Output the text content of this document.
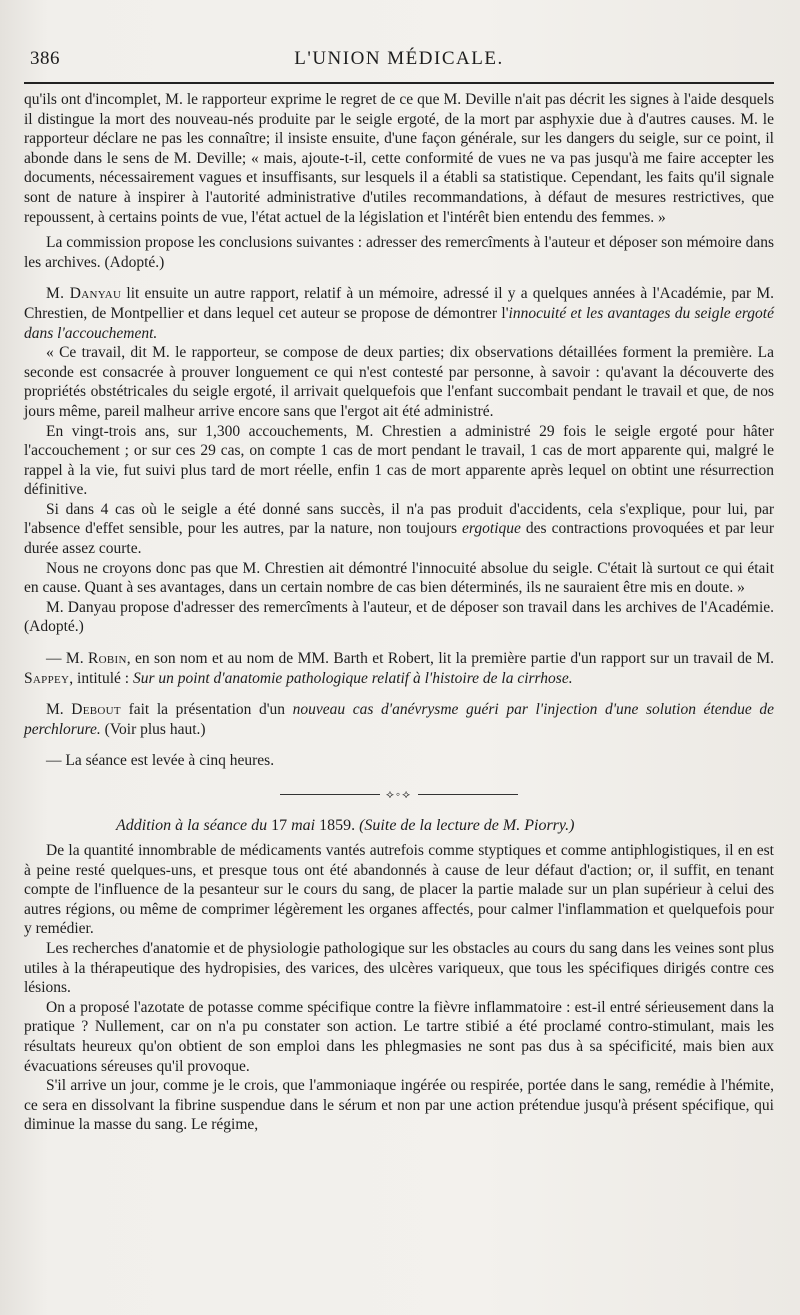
386	L'UNION MÉDICALE.

qu'ils ont d'incomplet, M. le rapporteur exprime le regret de ce que M. Deville n'ait pas décrit les signes à l'aide desquels il distingue la mort des nouveau-nés produite par le seigle ergoté, de la mort par asphyxie due à d'autres causes. M. le rapporteur déclare ne pas les connaître; il insiste ensuite, d'une façon générale, sur les dangers du seigle, sur ce point, il abonde dans le sens de M. Deville; « mais, ajoute-t-il, cette conformité de vues ne va pas jusqu'à me faire accepter les documents, nécessairement vagues et insuffisants, sur lesquels il a établi sa statistique. Cependant, les faits qu'il signale sont de nature à inspirer à l'autorité administrative d'utiles recommandations, à défaut de mesures restrictives, que repoussent, à certains points de vue, l'état actuel de la législation et l'intérêt bien entendu des femmes. »

La commission propose les conclusions suivantes : adresser des remercîments à l'auteur et déposer son mémoire dans les archives. (Adopté.)

M. Danyau lit ensuite un autre rapport, relatif à un mémoire, adressé il y a quelques années à l'Académie, par M. Chrestien, de Montpellier et dans lequel cet auteur se propose de démontrer l'innocuité et les avantages du seigle ergoté dans l'accouchement.

« Ce travail, dit M. le rapporteur, se compose de deux parties; dix observations détaillées forment la première. La seconde est consacrée à prouver longuement ce qui n'est contesté par personne, à savoir : qu'avant la découverte des propriétés obstétricales du seigle ergoté, il arrivait quelquefois que l'enfant succombait pendant le travail et que, de nos jours même, pareil malheur arrive encore sans que l'ergot ait été administré.

En vingt-trois ans, sur 1,300 accouchements, M. Chrestien a administré 29 fois le seigle ergoté pour hâter l'accouchement ; or sur ces 29 cas, on compte 1 cas de mort pendant le travail, 1 cas de mort apparente qui, malgré le rappel à la vie, fut suivi plus tard de mort réelle, enfin 1 cas de mort apparente après lequel on obtint une résurrection définitive.

Si dans 4 cas où le seigle a été donné sans succès, il n'a pas produit d'accidents, cela s'explique, pour lui, par l'absence d'effet sensible, pour les autres, par la nature, non toujours ergotique des contractions provoquées et par leur durée assez courte.

Nous ne croyons donc pas que M. Chrestien ait démontré l'innocuité absolue du seigle. C'était là surtout ce qui était en cause. Quant à ses avantages, dans un certain nombre de cas bien déterminés, ils ne sauraient être mis en doute. »

M. Danyau propose d'adresser des remercîments à l'auteur, et de déposer son travail dans les archives de l'Académie. (Adopté.)

— M. Robin, en son nom et au nom de MM. Barth et Robert, lit la première partie d'un rapport sur un travail de M. Sappey, intitulé : Sur un point d'anatomie pathologique relatif à l'histoire de la cirrhose.

M. Debout fait la présentation d'un nouveau cas d'anévrysme guéri par l'injection d'une solution étendue de perchlorure. (Voir plus haut.)

— La séance est levée à cinq heures.

⟡◦⟡
Addition à la séance du 17 mai 1859. (Suite de la lecture de M. Piorry.)

De la quantité innombrable de médicaments vantés autrefois comme styptiques et comme antiphlogistiques, il en est à peine resté quelques-uns, et presque tous ont été abandonnés à cause de leur défaut d'action; or, il suffit, en tenant compte de l'influence de la pesanteur sur le cours du sang, de placer la partie malade sur un plan supérieur à celui des autres régions, ou même de comprimer légèrement les organes affectés, pour calmer l'inflammation et quelquefois pour y remédier.

Les recherches d'anatomie et de physiologie pathologique sur les obstacles au cours du sang dans les veines sont plus utiles à la thérapeutique des hydropisies, des varices, des ulcères variqueux, que tous les spécifiques dirigés contre ces lésions.

On a proposé l'azotate de potasse comme spécifique contre la fièvre inflammatoire : est-il entré sérieusement dans la pratique ? Nullement, car on n'a pu constater son action. Le tartre stibié a été proclamé contro-stimulant, mais les résultats heureux qu'on obtient de son emploi dans les phlegmasies ne sont pas dus à sa spécificité, mais bien aux évacuations séreuses qu'il provoque.

S'il arrive un jour, comme je le crois, que l'ammoniaque ingérée ou respirée, portée dans le sang, remédie à l'hémite, ce sera en dissolvant la fibrine suspendue dans le sérum et non par une action prétendue jusqu'à présent spécifique, qui diminue la masse du sang. Le régime,
